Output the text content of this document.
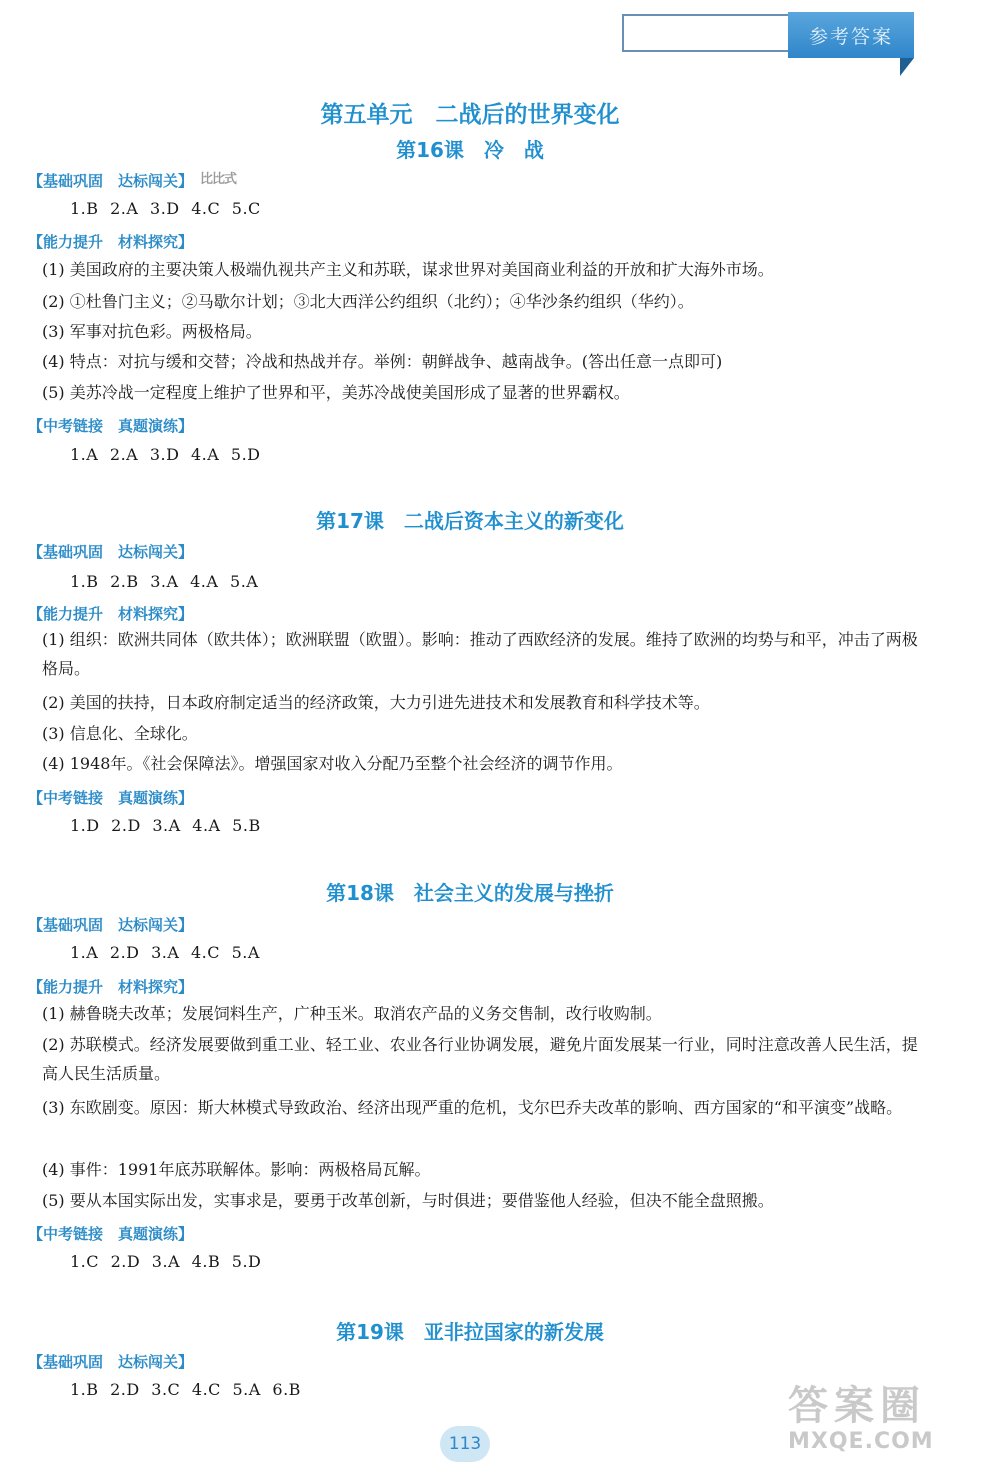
参考答案
第五单元　二战后的世界变化
第16课　冷　战
【基础巩固　达标闯关】 比比式
1.B 2.A 3.D 4.C 5.C
【能力提升　材料探究】
(1) 美国政府的主要决策人极端仇视共产主义和苏联，谋求世界对美国商业利益的开放和扩大海外市场。
(2) ①杜鲁门主义；②马歇尔计划；③北大西洋公约组织（北约）；④华沙条约组织（华约）。
(3) 军事对抗色彩。两极格局。
(4) 特点：对抗与缓和交替；冷战和热战并存。举例：朝鲜战争、越南战争。(答出任意一点即可)
(5) 美苏冷战一定程度上维护了世界和平，美苏冷战使美国形成了显著的世界霸权。
【中考链接　真题演练】
1.A 2.A 3.D 4.A 5.D
第17课　二战后资本主义的新变化
【基础巩固　达标闯关】
1.B 2.B 3.A 4.A 5.A
【能力提升　材料探究】
(1) 组织：欧洲共同体（欧共体）；欧洲联盟（欧盟）。影响：推动了西欧经济的发展。维持了欧洲的均势与和平，冲击了两极格局。
(2) 美国的扶持，日本政府制定适当的经济政策，大力引进先进技术和发展教育和科学技术等。
(3) 信息化、全球化。
(4) 1948年。《社会保障法》。增强国家对收入分配乃至整个社会经济的调节作用。
【中考链接　真题演练】
1.D 2.D 3.A 4.A 5.B
第18课　社会主义的发展与挫折
【基础巩固　达标闯关】
1.A 2.D 3.A 4.C 5.A
【能力提升　材料探究】
(1) 赫鲁晓夫改革；发展饲料生产，广种玉米。取消农产品的义务交售制，改行收购制。
(2) 苏联模式。经济发展要做到重工业、轻工业、农业各行业协调发展，避免片面发展某一行业，同时注意改善人民生活，提高人民生活质量。
(3) 东欧剧变。原因：斯大林模式导致政治、经济出现严重的危机，戈尔巴乔夫改革的影响、西方国家的“和平演变”战略。
(4) 事件：1991年底苏联解体。影响：两极格局瓦解。
(5) 要从本国实际出发，实事求是，要勇于改革创新，与时俱进；要借鉴他人经验，但决不能全盘照搬。
【中考链接　真题演练】
1.C 2.D 3.A 4.B 5.D
第19课　亚非拉国家的新发展
【基础巩固　达标闯关】
1.B 2.D 3.C 4.C 5.A 6.B
113
答案圈
MXQE.COM
